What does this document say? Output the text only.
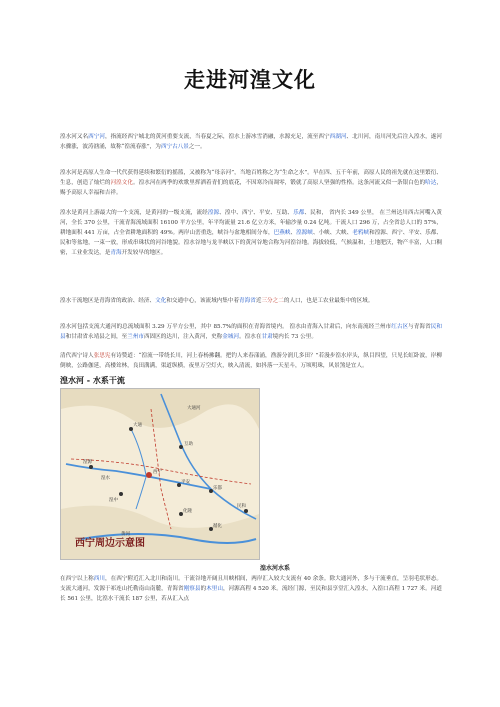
走进河湟文化

湟水河又名西宁河，指流经西宁城北的黄河重要支流，当春夏之际，湟水上游冰雪消融，水源充足，流至西宁西湖河、北川河，南川河先后注入湟水，遂河水骤涨，波涛汹涌，故称“湟流春涨”，为西宁古八景之一。

湟水河是高原人生命一代代获得延续和繁衍的摇篮，又被称为“母亲河”，当地百姓称之为“生命之水”。早在四、五千年前，高原人民的祖先就在这里繁衍、生息，创造了灿烂的河湟文化。湟水河在两季的欢歌里挥洒着青们的底花，不因寒冷而凋零，锻就了高原人坚强的性格。这条河流又似一条银白色的哈达，赐予高原人幸福和吉祥。

湟水是黄河上游最大的一个支流，是黄河的一级支流，流经湟源、湟中、西宁、平安、互助、乐都、民和， 省内长 349 公里， 在兰州达川西古河嘴入黄河，全长 370 公里，干流青海流域面积 16100 平方公里，年平均流量 21.6 亿立方米，年输沙量 0.24 亿吨。干流人口 296 万，占全省总人口的 57%，耕地面积 441 万亩，占全省耕地面积的 49%。两岸山峦重迭，峡谷与盆地相间分布，巴燕峡、湟源峡、小峡、大峡、老鸦峡和湟源、西宁、平安、乐都、民和等盆地，一束一放，形成串珠状的河谷地貌。湟水谷地与龙羊峡以下的黄河谷地合称为河湟谷地。海拔较低，气候温和，土地肥沃，物产丰富，人口稠密，工业业发达，是青海开发较早的地区。

湟水干流地区是青海省的政治、经济、文化和交通中心，该流域内集中着青海省近三分之二的人口，也是工农业最集中的区域。

湟水河包括支流大通河的总流域面积 3.29 万平方公里，其中 85.7%的面积在青海省境内。 湟水由青海入甘肃后，向东南流经兰州市红古区与青海省民和县和甘肃省永靖县之间，至兰州市西固区的达川，注入黄河，史称金城河。湟水在甘肃境内长 73 公里。

清代西宁诗人张思宪有诗赞道：“湟流一带绕长川，河上春杨拂翻。把钓人来春漾涌，渔游分润几多田？”若漫步湟水岸头，纵目四望，只见长虹卧波，岸柳倒映，公路伽延，高楼耸林，良田溝满，渠道纵横，夜里万空灯火，映入清流，如抖落一天星斗，万顷明珠，风景煞是宜人。

湟水河 - 水系干流
大通
互助
湟中
西宁
平安
乐都
民和
湟源
化隆
循化
大通河
湟水
黄河
西宁周边示意图
湟水河水系

在西宁以上称西川，在西宁附近汇入北川和南川。干流谷地开阔且川峡相间，两岸汇入较大支流有 40 余条。除大通河外，多与干流垂直，呈羽毛状形态。支流大通河，发源于祁连山托勒南山南麓，青海省刚察县的木里山，河源高程 4 520 米。流经门源，至民和县享堂汇入湟水，入湟口高程 1 727 米。河道长 561 公里，比湟水干流长 187 公里，若从汇入点
